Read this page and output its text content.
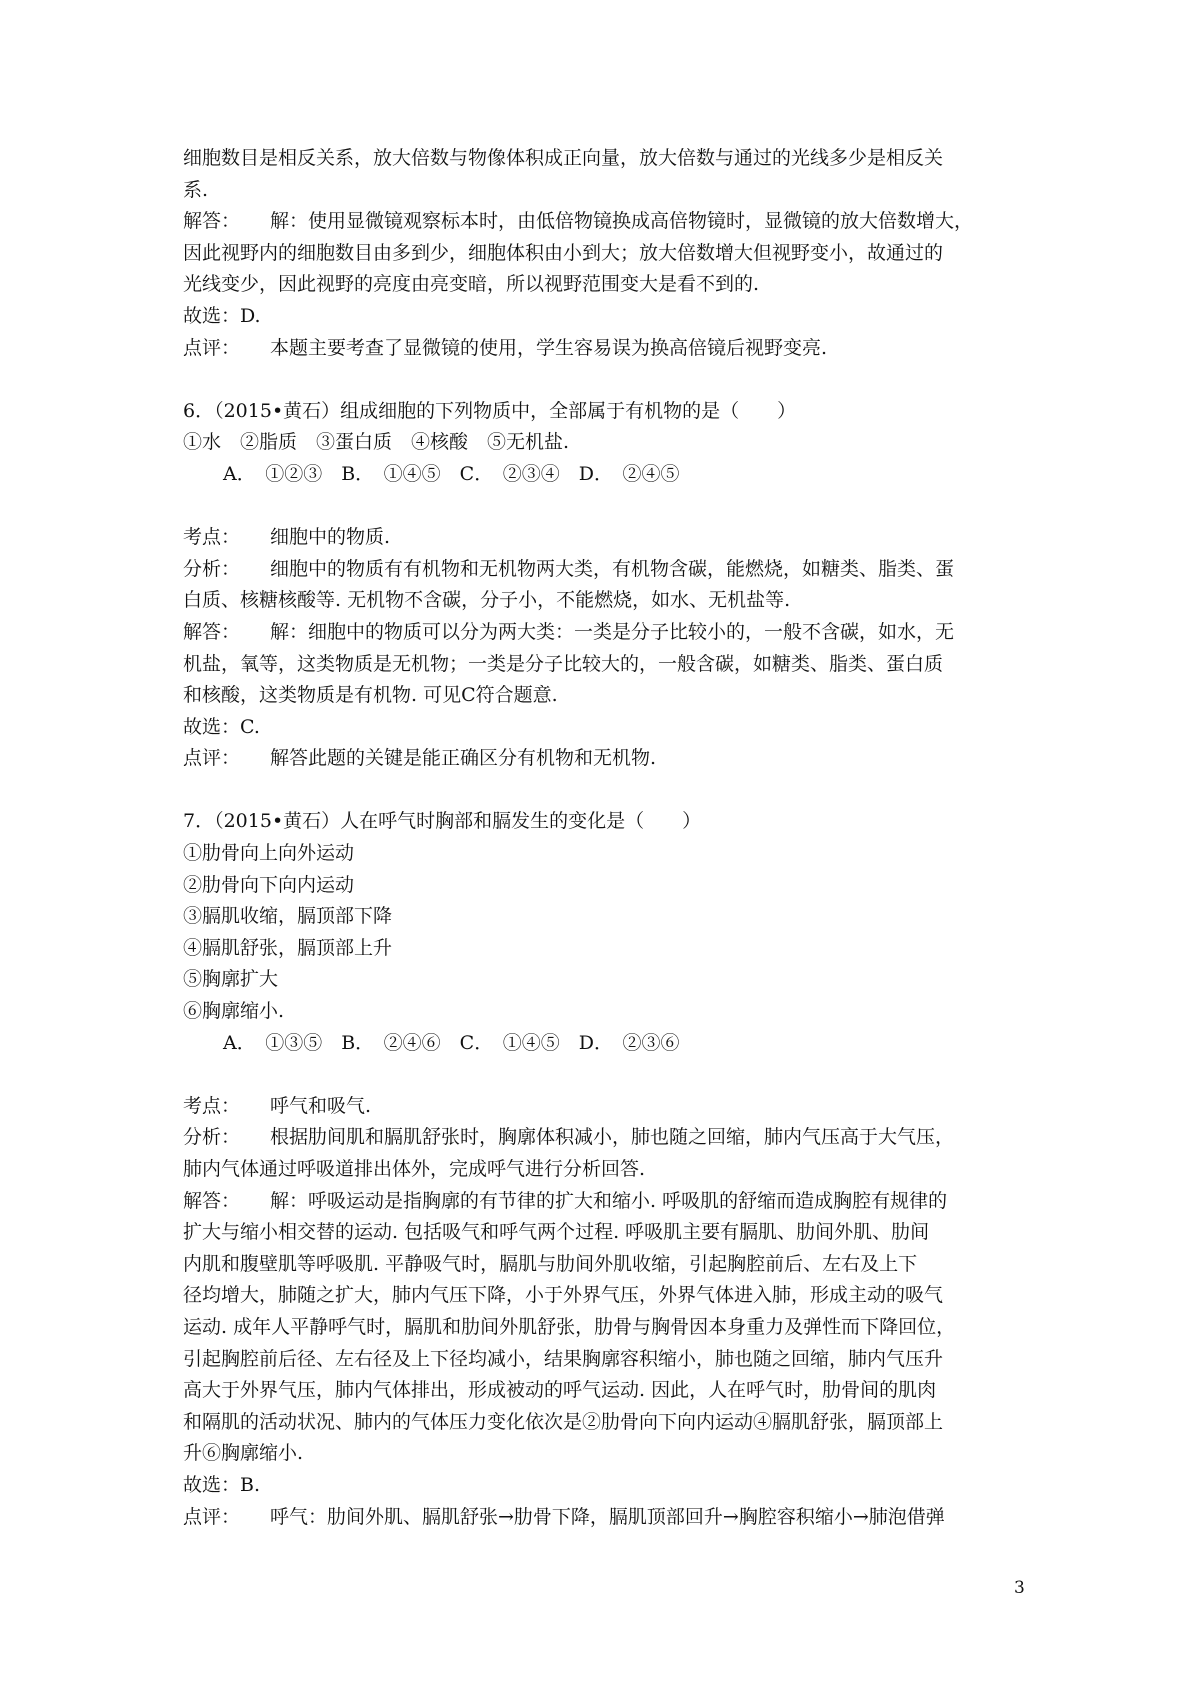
细胞数目是相反关系，放大倍数与物像体积成正向量，放大倍数与通过的光线多少是相反关
系.
解答： 解：使用显微镜观察标本时，由低倍物镜换成高倍物镜时，显微镜的放大倍数增大，
因此视野内的细胞数目由多到少，细胞体积由小到大；放大倍数增大但视野变小，故通过的
光线变少，因此视野的亮度由亮变暗，所以视野范围变大是看不到的.
故选：D.
点评： 本题主要考查了显微镜的使用，学生容易误为换高倍镜后视野变亮.
6．（2015•黄石）组成细胞的下列物质中，全部属于有机物的是（　　）
①水　②脂质　③蛋白质　④核酸　⑤无机盐.
A．　①②③　B．　①④⑤　C．　②③④　D．　②④⑤
考点： 细胞中的物质.
分析： 细胞中的物质有有机物和无机物两大类，有机物含碳，能燃烧，如糖类、脂类、蛋
白质、核糖核酸等. 无机物不含碳，分子小，不能燃烧，如水、无机盐等.
解答： 解：细胞中的物质可以分为两大类：一类是分子比较小的，一般不含碳，如水，无
机盐，氧等，这类物质是无机物；一类是分子比较大的，一般含碳，如糖类、脂类、蛋白质
和核酸，这类物质是有机物. 可见C符合题意.
故选：C.
点评： 解答此题的关键是能正确区分有机物和无机物.
7．（2015•黄石）人在呼气时胸部和膈发生的变化是（　　）
①肋骨向上向外运动
②肋骨向下向内运动
③膈肌收缩，膈顶部下降
④膈肌舒张，膈顶部上升
⑤胸廓扩大
⑥胸廓缩小.
A．　①③⑤　B．　②④⑥　C．　①④⑤　D．　②③⑥
考点： 呼气和吸气.
分析： 根据肋间肌和膈肌舒张时，胸廓体积减小，肺也随之回缩，肺内气压高于大气压，
肺内气体通过呼吸道排出体外，完成呼气进行分析回答.
解答： 解：呼吸运动是指胸廓的有节律的扩大和缩小. 呼吸肌的舒缩而造成胸腔有规律的
扩大与缩小相交替的运动. 包括吸气和呼气两个过程. 呼吸肌主要有膈肌、肋间外肌、肋间
内肌和腹壁肌等呼吸肌. 平静吸气时，膈肌与肋间外肌收缩，引起胸腔前后、左右及上下
径均增大，肺随之扩大，肺内气压下降，小于外界气压，外界气体进入肺，形成主动的吸气
运动. 成年人平静呼气时，膈肌和肋间外肌舒张，肋骨与胸骨因本身重力及弹性而下降回位，
引起胸腔前后径、左右径及上下径均减小，结果胸廓容积缩小，肺也随之回缩，肺内气压升
高大于外界气压，肺内气体排出，形成被动的呼气运动. 因此，人在呼气时，肋骨间的肌肉
和隔肌的活动状况、肺内的气体压力变化依次是②肋骨向下向内运动④膈肌舒张，膈顶部上
升⑥胸廓缩小.
故选：B.
点评： 呼气：肋间外肌、膈肌舒张→肋骨下降，膈肌顶部回升→胸腔容积缩小→肺泡借弹
3
